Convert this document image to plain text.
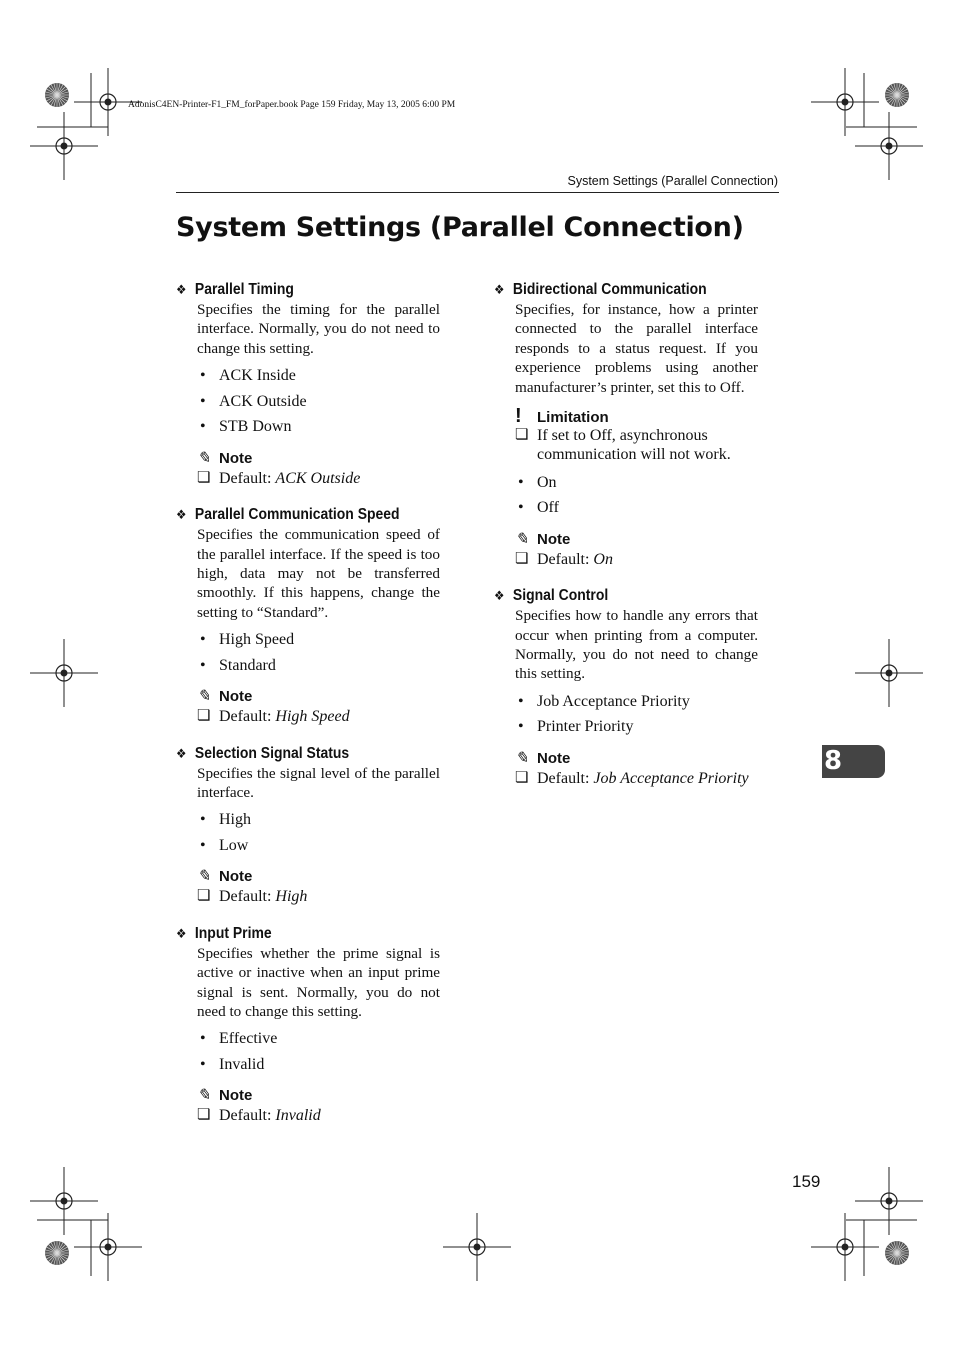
AdonisC4EN-Printer-F1_FM_forPaper.book Page 159 Friday, May 13, 2005 6:00 PM
System Settings (Parallel Connection)
System Settings (Parallel Connection)
❖ Parallel Timing

Specifies the timing for the parallel interface. Normally, you do not need to change this setting.

• ACK Inside
• ACK Outside
• STB Down
✎ Note
❏ Default: ACK Outside
❖ Parallel Communication Speed

Specifies the communication speed of the parallel interface. If the speed is too high, data may not be transferred smoothly. If this happens, change the setting to “Standard”.

• High Speed
• Standard
✎ Note
❏ Default: High Speed
❖ Selection Signal Status

Specifies the signal level of the parallel interface.

• High
• Low
✎ Note
❏ Default: High
❖ Input Prime

Specifies whether the prime signal is active or inactive when an input prime signal is sent. Normally, you do not need to change this setting.

• Effective
• Invalid
✎ Note
❏ Default: Invalid
❖ Bidirectional Communication

Specifies, for instance, how a printer connected to the parallel interface responds to a status request. If you experience problems using another manufacturer’s printer, set this to Off.

! Limitation
❏ If set to Off, asynchronous communication will not work.
• On
• Off
✎ Note
❏ Default: On
❖ Signal Control

Specifies how to handle any errors that occur when printing from a computer. Normally, you do not need to change this setting.

• Job Acceptance Priority
• Printer Priority
✎ Note
❏ Default: Job Acceptance Priority
8
159
